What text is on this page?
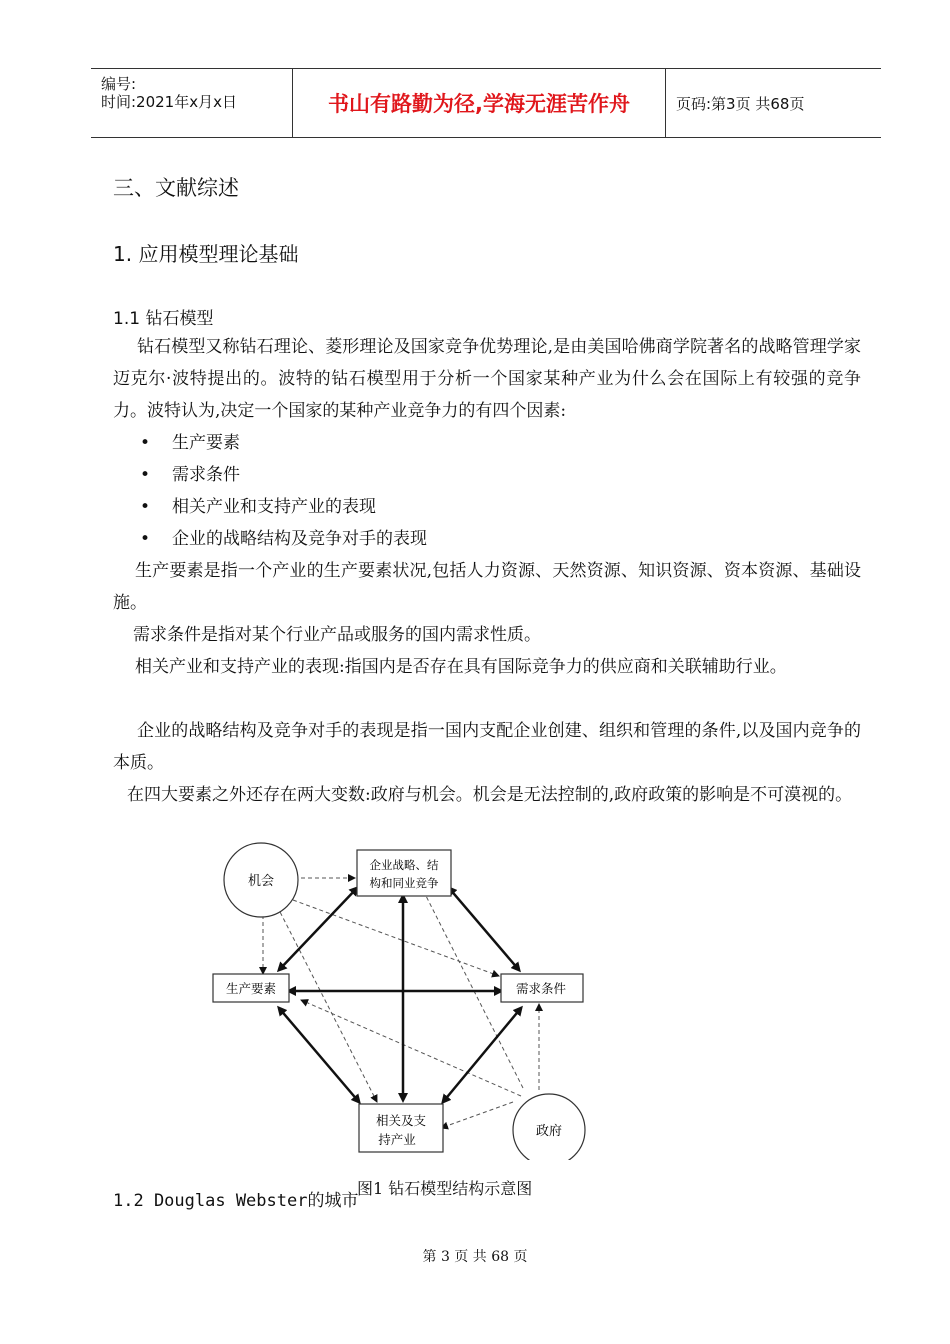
编号:
时间:2021年x月x日	书山有路勤为径,学海无涯苦作舟	页码:第3页 共68页
三、文献综述
1. 应用模型理论基础
1.1 钻石模型
钻石模型又称钻石理论、菱形理论及国家竞争优势理论,是由美国哈佛商学院著名的战略管理学家迈克尔·波特提出的。波特的钻石模型用于分析一个国家某种产业为什么会在国际上有较强的竞争力。波特认为,决定一个国家的某种产业竞争力的有四个因素:
• 生产要素
• 需求条件
• 相关产业和支持产业的表现
• 企业的战略结构及竞争对手的表现
生产要素是指一个产业的生产要素状况,包括人力资源、天然资源、知识资源、资本资源、基础设施。
需求条件是指对某个行业产品或服务的国内需求性质。
相关产业和支持产业的表现:指国内是否存在具有国际竞争力的供应商和关联辅助行业。
企业的战略结构及竞争对手的表现是指一国内支配企业创建、组织和管理的条件,以及国内竞争的本质。
在四大要素之外还存在两大变数:政府与机会。机会是无法控制的,政府政策的影响是不可漠视的。
机会
企业战略、结
构和同业竞争
生产要素	需求条件
相关及支
持产业
政府
1.2 Douglas Webster的城市
图1 钻石模型结构示意图
第 3 页 共 68 页
